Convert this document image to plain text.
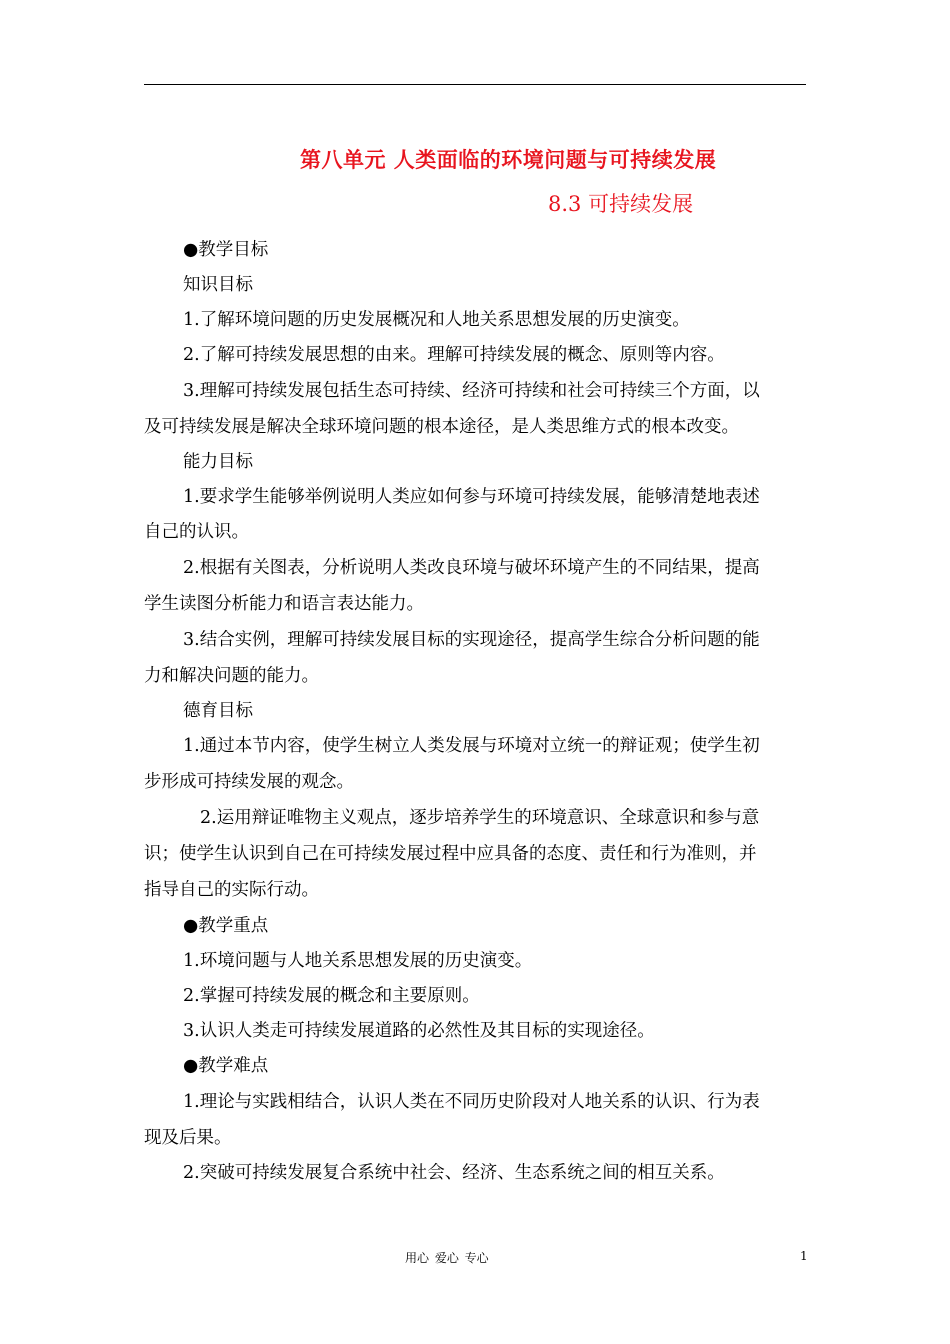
第八单元 人类面临的环境问题与可持续发展
8.3 可持续发展
●教学目标
知识目标
1.了解环境问题的历史发展概况和人地关系思想发展的历史演变。
2.了解可持续发展思想的由来。理解可持续发展的概念、原则等内容。
3.理解可持续发展包括生态可持续、经济可持续和社会可持续三个方面，以
及可持续发展是解决全球环境问题的根本途径，是人类思维方式的根本改变。
能力目标
1.要求学生能够举例说明人类应如何参与环境可持续发展，能够清楚地表述
自己的认识。
2.根据有关图表，分析说明人类改良环境与破坏环境产生的不同结果，提高
学生读图分析能力和语言表达能力。
3.结合实例，理解可持续发展目标的实现途径，提高学生综合分析问题的能
力和解决问题的能力。
德育目标
1.通过本节内容，使学生树立人类发展与环境对立统一的辩证观；使学生初
步形成可持续发展的观念。
2.运用辩证唯物主义观点，逐步培养学生的环境意识、全球意识和参与意
识；使学生认识到自己在可持续发展过程中应具备的态度、责任和行为准则，并
指导自己的实际行动。
●教学重点
1.环境问题与人地关系思想发展的历史演变。
2.掌握可持续发展的概念和主要原则。
3.认识人类走可持续发展道路的必然性及其目标的实现途径。
●教学难点
1.理论与实践相结合，认识人类在不同历史阶段对人地关系的认识、行为表
现及后果。
2.突破可持续发展复合系统中社会、经济、生态系统之间的相互关系。
用心 爱心 专心	1
